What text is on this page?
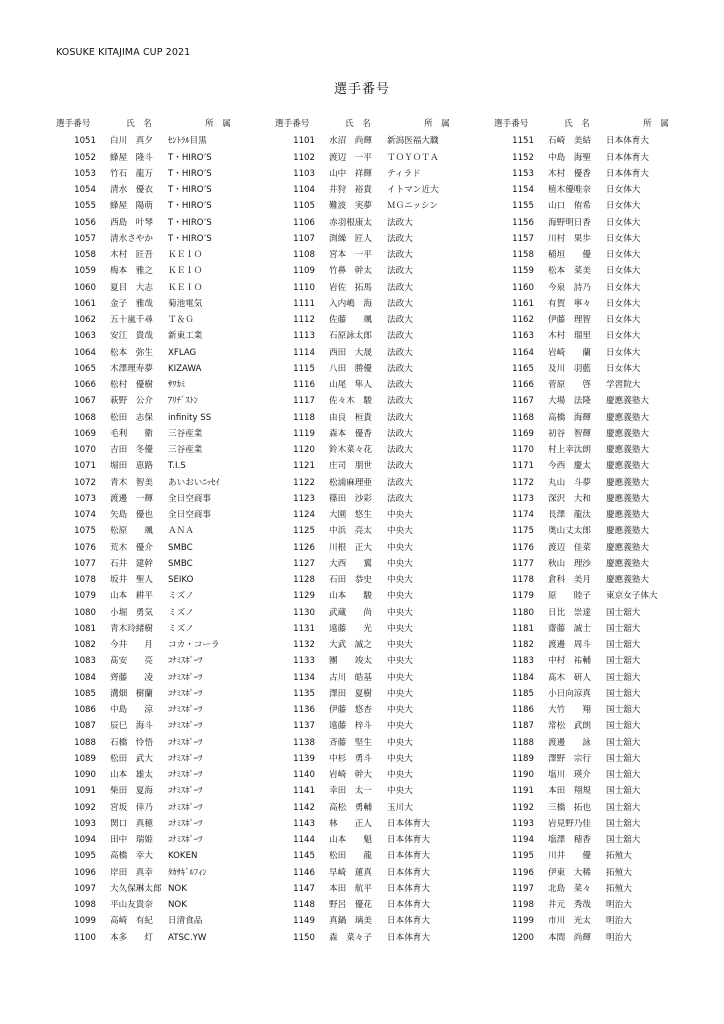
KOSUKE KITAJIMA CUP 2021
選手番号
選手番号	氏　名	所　属
1051	白川　真夕	ｾﾝﾄﾗﾙ目黒
1052	蜂屋　隆斗	T・HIRO’S
1053	竹石　龍万	T・HIRO’S
1054	清水　優衣	T・HIRO’S
1055	蜂屋　陽萌	T・HIRO’S
1056	西島　叶琴	T・HIRO’S
1057	清水さやか	T・HIRO’S
1058	木村　匠吾	ＫＥＩＯ
1059	梅本　雅之	ＫＥＩＯ
1060	夏目　大志	ＫＥＩＯ
1061	金子　雅哉	菊池電気
1062	五十嵐千尋	Ｔ＆Ｇ
1063	安江　貴哉	新東工業
1064	松本　弥生	XFLAG
1065	木澤理寿夢	KIZAWA
1066	松村　優樹	ｻﾜｶﾐ
1067	萩野　公介	ｱﾘﾁﾞｽﾄﾝ
1068	松田　志保	infinity SS
1069	毛利　　衛	三谷産業
1070	吉田　冬優	三谷産業
1071	堀田　恵路	T.I.S
1072	青木　智美	あいおいﾆｯｾｲ
1073	渡邊　一輝	全日空商事
1074	矢島　優也	全日空商事
1075	松原　　颯	ＡＮＡ
1076	荒木　優介	SMBC
1077	石井　建幹	SMBC
1078	坂井　聖人	SEIKO
1079	山本　耕平	ミズノ
1080	小堀　勇気	ミズノ
1081	青木玲緒樹	ミズノ
1082	今井　　月	コカ・コーラ
1083	髙安　　亮	ｺﾅﾐｽﾎﾟｰﾂ
1084	齊藤　　凌	ｺﾅﾐｽﾎﾟｰﾂ
1085	溝畑　樹蘭	ｺﾅﾐｽﾎﾟｰﾂ
1086	中島　　涼	ｺﾅﾐｽﾎﾟｰﾂ
1087	辰巳　海斗	ｺﾅﾐｽﾎﾟｰﾂ
1088	石橋　怜悟	ｺﾅﾐｽﾎﾟｰﾂ
1089	松田　武大	ｺﾅﾐｽﾎﾟｰﾂ
1090	山本　雄太	ｺﾅﾐｽﾎﾟｰﾂ
1091	柴田　夏海	ｺﾅﾐｽﾎﾟｰﾂ
1092	宮坂　倖乃	ｺﾅﾐｽﾎﾟｰﾂ
1093	関口　真穂	ｺﾅﾐｽﾎﾟｰﾂ
1094	田中　瑞姫	ｺﾅﾐｽﾎﾟｰﾂ
1095	高橋　幸大	KOKEN
1096	岸田　真幸	ﾀｶｻｷﾞﾙﾌｨﾝ
1097	大久保琳太郎 NOK
1098	平山友貴奈	NOK
1099	高崎　有紀	日清食品
1100	本多　　灯	ATSC.YW
選手番号	氏　名	所　属
1101	水沼　尚輝	新潟医福大職
1102	渡辺　一平	ＴＯＹＯＴＡ
1103	山中　祥輝	ティラド
1104	井狩　裕貴	イトマン近大
1105	難波　実夢	ＭＧニッシン
1106	赤羽根康太	法政大
1107	渕繰　匠人	法政大
1108	宮本　一平	法政大
1109	竹鼻　幹太	法政大
1110	岩佐　拓馬	法政大
1111	入内嶋　海	法政大
1112	佐藤　　颯	法政大
1113	石原詠太郎	法政大
1114	西田　大晟	法政大
1115	八田　勝優	法政大
1116	山尾　隼人	法政大
1117	佐々木　駿	法政大
1118	由良　桓貴	法政大
1119	森本　優香	法政大
1120	鈴木菜々花	法政大
1121	庄司　朋世	法政大
1122	松浦麻理亜	法政大
1123	篠田　沙彩	法政大
1124	大園　悠生	中央大
1125	中浜　亮太	中央大
1126	川根　正大	中央大
1127	大西　　翼	中央大
1128	石田　恭史	中央大
1129	山本　　駿	中央大
1130	武蔵　　尚	中央大
1131	遠藤　　光	中央大
1132	大武　誠之	中央大
1133	團　　竣太	中央大
1134	古川　皓基	中央大
1135	澤田　夏樹	中央大
1136	伊藤　悠杏	中央大
1137	遠藤　梓斗	中央大
1138	斉藤　堅生	中央大
1139	中杉　勇斗	中央大
1140	岩崎　幹大	中央大
1141	幸田　太一	中央大
1142	高松　勇輔	玉川大
1143	林　　正人	日本体育大
1144	山本　　魁	日本体育大
1145	松田　　龍	日本体育大
1146	早崎　蓮真	日本体育大
1147	本田　航平	日本体育大
1148	野呂　優花	日本体育大
1149	真鍋　璃美	日本体育大
1150	森　菜々子	日本体育大
選手番号	氏　名	所　属
1151	石崎　美結	日本体育大
1152	中島　海聖	日本体育大
1153	木村　優香	日本体育大
1154	植木優唯奈	日女体大
1155	山口　侑希	日女体大
1156	海野明日香	日女体大
1157	川村　果歩	日女体大
1158	稲垣　　優	日女体大
1159	松本　菜美	日女体大
1160	今泉　詩乃	日女体大
1161	有賀　寧々	日女体大
1162	伊藤　理智	日女体大
1163	木村　瑠里	日女体大
1164	岩崎　　蘭	日女体大
1165	及川　羽藍	日女体大
1166	菅原　　啓	学習院大
1167	大場　法隆	慶應義塾大
1168	高橋　海輝	慶應義塾大
1169	初谷　智輝	慶應義塾大
1170	村上幸汰朗	慶應義塾大
1171	今西　慶太	慶應義塾大
1172	丸山　斗夢	慶應義塾大
1173	深沢　大和	慶應義塾大
1174	長澤　龍汰	慶應義塾大
1175	奥山丈太郎	慶應義塾大
1176	渡辺　佳菜	慶應義塾大
1177	秋山　理沙	慶應義塾大
1178	倉科　美月	慶應義塾大
1179	原　　睦子	東京女子体大
1180	日比　崇達	国士舘大
1181	齋藤　誠士	国士舘大
1182	渡邊　周斗	国士舘大
1183	中村　祐輔	国士舘大
1184	髙木　研人	国士舘大
1185	小日向涼真	国士舘大
1186	大竹　　翔	国士舘大
1187	常松　武朗	国士舘大
1188	渡邊　　詠	国士舘大
1189	澤野　宗行	国士舘大
1190	塩川　瑛介	国士舘大
1191	本田　翔規	国士舘大
1192	三橋　拓也	国士舘大
1193	岩見野乃佳	国士舘大
1194	塩澤　穂香	国士舘大
1195	川井　　優	拓殖大
1196	伊東　大稀	拓殖大
1197	北島　菜々	拓殖大
1198	井元　秀哉	明治大
1199	市川　光太	明治大
1200	本間　尚輝	明治大
